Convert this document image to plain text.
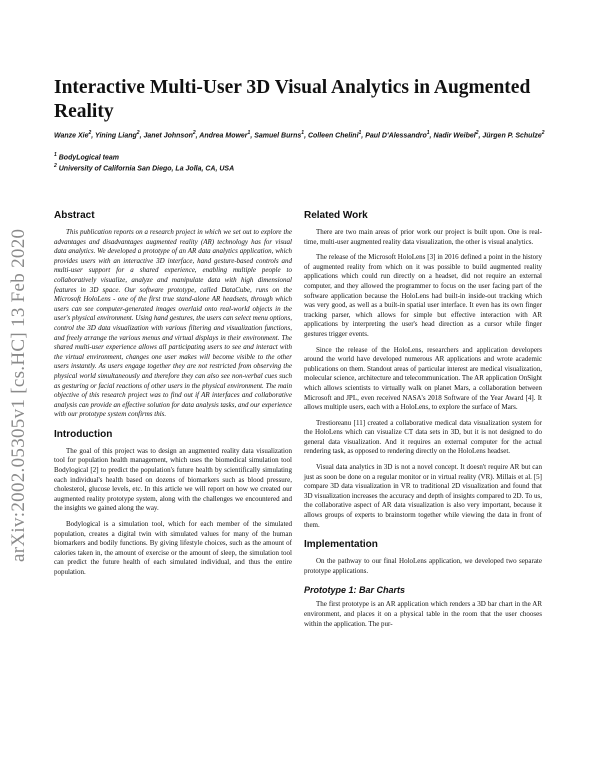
arXiv:2002.05305v1 [cs.HC] 13 Feb 2020
Interactive Multi-User 3D Visual Analytics in Augmented Reality
Wanze Xie$^2$, Yining Liang$^2$, Janet Johnson$^2$, Andrea Mower$^1$, Samuel Burns$^1$, Colleen Chelini$^1$, Paul D'Alessandro$^1$, Nadir Weibel$^2$, Jürgen P. Schulze$^2$
$^1$ BodyLogical team
$^2$ University of California San Diego, La Jolla, CA, USA
Abstract

This publication reports on a research project in which we set out to explore the advantages and disadvantages augmented reality (AR) technology has for visual data analytics. We developed a prototype of an AR data analytics application, which provides users with an interactive 3D interface, hand gesture-based controls and multi-user support for a shared experience, enabling multiple people to collaboratively visualize, analyze and manipulate data with high dimensional features in 3D space. Our software prototype, called DataCube, runs on the Microsoft HoloLens - one of the first true stand-alone AR headsets, through which users can see computer-generated images overlaid onto real-world objects in the user's physical environment. Using hand gestures, the users can select menu options, control the 3D data visualization with various filtering and visualization functions, and freely arrange the various menus and virtual displays in their environment. The shared multi-user experience allows all participating users to see and interact with the virtual environment, changes one user makes will become visible to the other users instantly. As users engage together they are not restricted from observing the physical world simultaneously and therefore they can also see non-verbal cues such as gesturing or facial reactions of other users in the physical environment. The main objective of this research project was to find out if AR interfaces and collaborative analysis can provide an effective solution for data analysis tasks, and our experience with our prototype system confirms this.

Introduction

The goal of this project was to design an augmented reality data visualization tool for population health management, which uses the biomedical simulation tool Bodylogical [2] to predict the population's future health by scientifically simulating each individual's health based on dozens of biomarkers such as blood pressure, cholesterol, glucose levels, etc. In this article we will report on how we created our augmented reality prototype system, along with the challenges we encountered and the insights we gained along the way.

Bodylogical is a simulation tool, which for each member of the simulated population, creates a digital twin with simulated values for many of the human biomarkers and bodily functions. By giving lifestyle choices, such as the amount of calories taken in, the amount of exercise or the amount of sleep, the simulation tool can predict the future health of each simulated individual, and thus the entire population.

Related Work

There are two main areas of prior work our project is built upon. One is real-time, multi-user augmented reality data visualization, the other is visual analytics.

The release of the Microsoft HoloLens [3] in 2016 defined a point in the history of augmented reality from which on it was possible to build augmented reality applications which could run directly on a headset, did not require an external computer, and they allowed the programmer to focus on the user facing part of the software application because the HoloLens had built-in inside-out tracking which was very good, as well as a built-in spatial user interface. It even has its own finger tracking parser, which allows for simple but effective interaction with AR applications by interpreting the user's head direction as a cursor while finger gestures trigger events.

Since the release of the HoloLens, researchers and application developers around the world have developed numerous AR applications and wrote academic publications on them. Standout areas of particular interest are medical visualization, molecular science, architecture and telecommunication. The AR application OnSight which allows scientists to virtually walk on planet Mars, a collaboration between Microsoft and JPL, even received NASA's 2018 Software of the Year Award [4]. It allows multiple users, each with a HoloLens, to explore the surface of Mars.

Trestioreanu [11] created a collaborative medical data visualization system for the HoloLens which can visualize CT data sets in 3D, but it is not designed to do general data visualization. And it requires an external computer for the actual rendering task, as opposed to rendering directly on the HoloLens headset.

Visual data analytics in 3D is not a novel concept. It doesn't require AR but can just as soon be done on a regular monitor or in virtual reality (VR). Millais et al. [5] compare 3D data visualization in VR to traditional 2D visualization and found that 3D visualization increases the accuracy and depth of insights compared to 2D. To us, the collaborative aspect of AR data visualization is also very important, because it allows groups of experts to brainstorm together while viewing the data in front of them.

Implementation

On the pathway to our final HoloLens application, we developed two separate prototype applications.

Prototype 1: Bar Charts

The first prototype is an AR application which renders a 3D bar chart in the AR environment, and places it on a physical table in the room that the user chooses within the application. The pur-
